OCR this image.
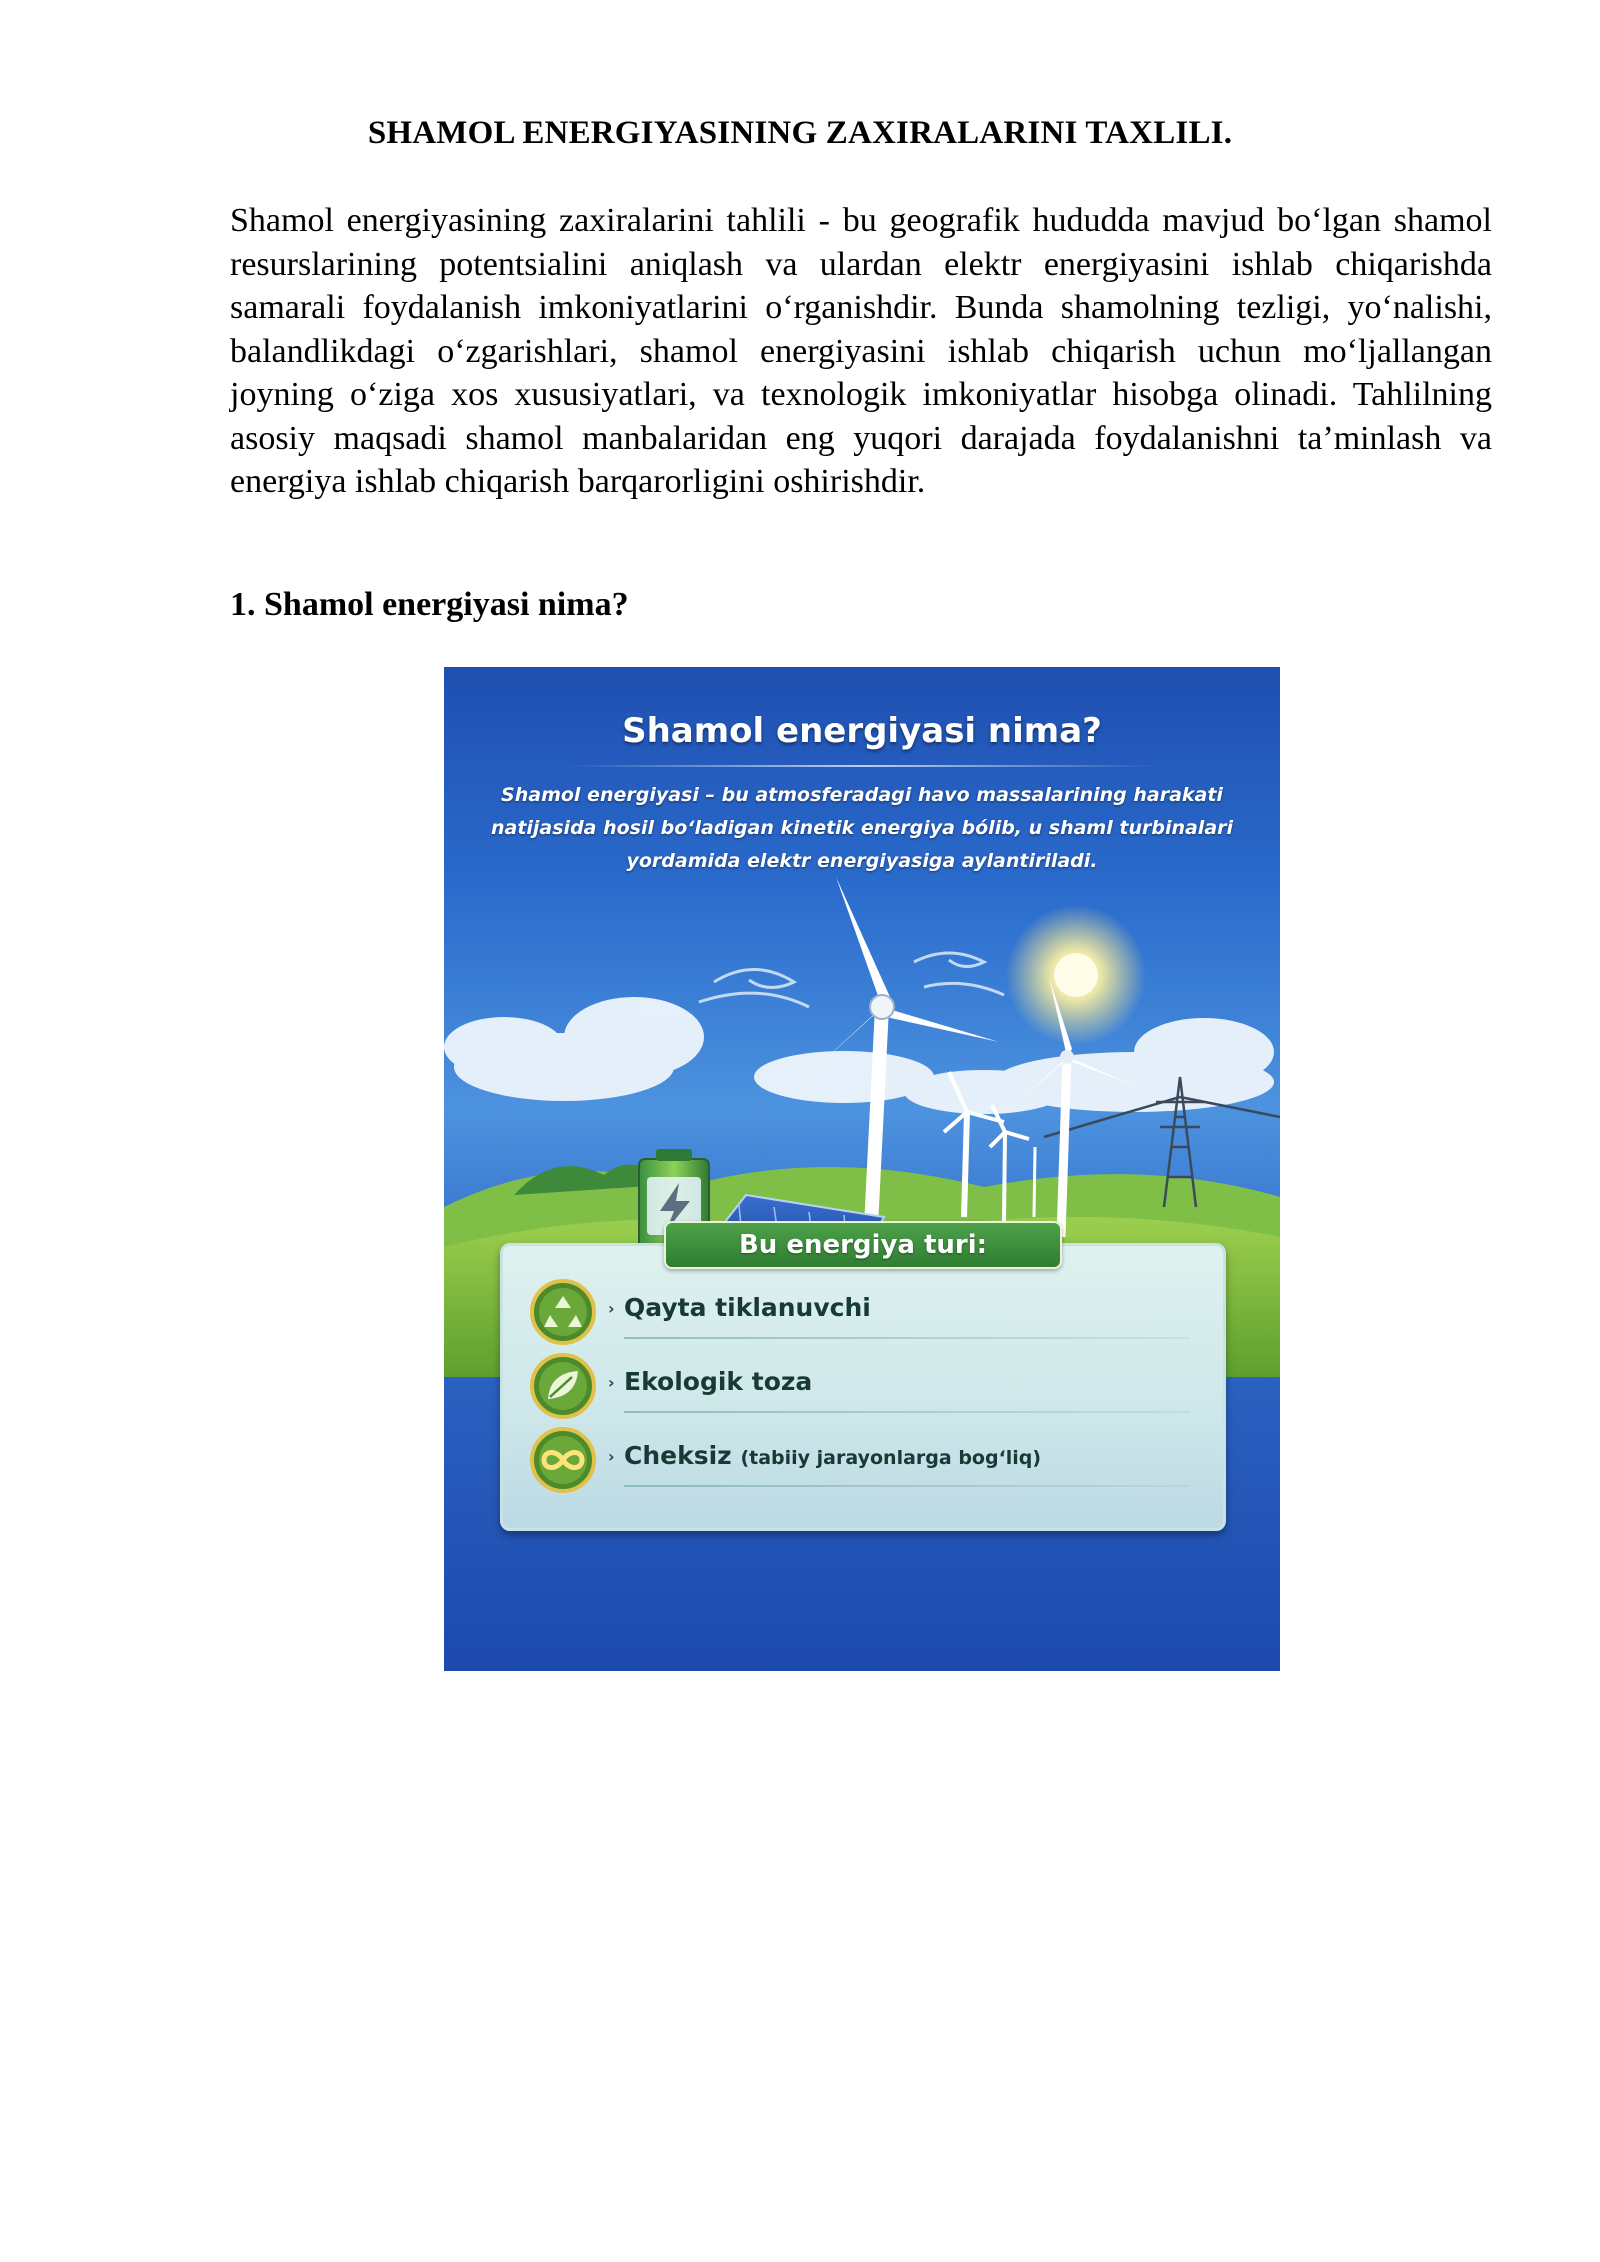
SHAMOL ENERGIYASINING ZAXIRALARINI TAXLILI.

Shamol energiyasining zaxiralarini tahlili - bu geografik hududda mavjud bo‘lgan shamol resurslarining potentsialini aniqlash va ulardan elektr energiyasini ishlab chiqarishda samarali foydalanish imkoniyatlarini o‘rganishdir. Bunda shamolning tezligi, yo‘nalishi, balandlikdagi o‘zgarishlari, shamol energiyasini ishlab chiqarish uchun mo‘ljallangan joyning o‘ziga xos xususiyatlari, va texnologik imkoniyatlar hisobga olinadi. Tahlilning asosiy maqsadi shamol manbalaridan eng yuqori darajada foydalanishni ta’minlash va energiya ishlab chiqarish barqarorligini oshirishdir.

1. Shamol energiyasi nima?
Shamol energiyasi nima?
Shamol energiyasi – bu atmosferadagi havo massalarining harakati natijasida hosil bo‘ladigan kinetik energiya bólib, u shaml turbinalari yordamida elektr energiyasiga aylantiriladi.
Bu energiya turi:
› Qayta tiklanuvchi
› Ekologik toza
› Cheksiz (tabiiy jarayonlarga bog‘liq)
